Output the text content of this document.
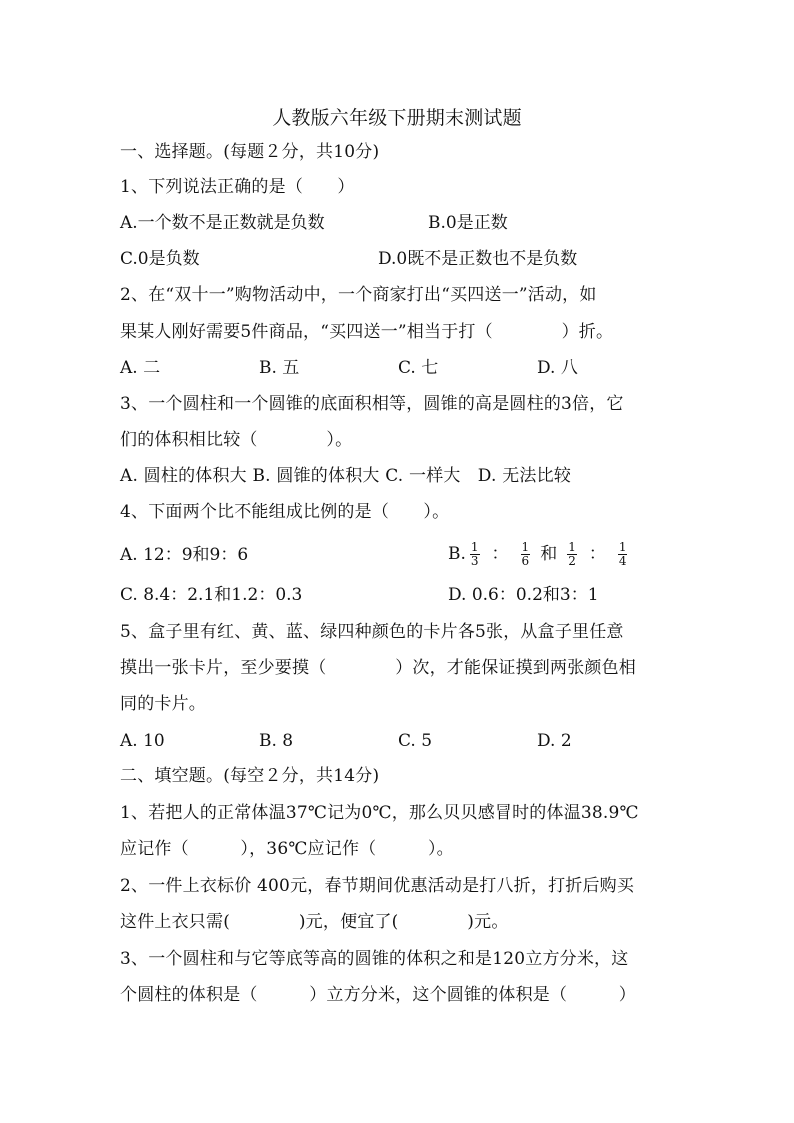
人教版六年级下册期末测试题
一、选择题。(每题２分，共10分)
1、下列说法正确的是（　　）
A.一个数不是正数就是负数	B.0是正数
C.0是负数	D.0既不是正数也不是负数
2、在“双十一”购物活动中，一个商家打出“买四送一”活动，如
果某人刚好需要5件商品，“买四送一”相当于打（　　　　）折。
A. 二	B. 五	C. 七	D. 八
3、一个圆柱和一个圆锥的底面积相等，圆锥的高是圆柱的3倍，它
们的体积相比较（　　　　）。
A. 圆柱的体积大 B. 圆锥的体积大 C. 一样大　D. 无法比较
4、下面两个比不能组成比例的是（　　）。
A. 12：9和9：6	B. $\frac{1}{3}$ ： $\frac{1}{6}$ 和 $\frac{1}{2}$ ： $\frac{1}{4}$
C. 8.4：2.1和1.2：0.3	D. 0.6：0.2和3：1
5、盒子里有红、黄、蓝、绿四种颜色的卡片各5张，从盒子里任意
摸出一张卡片，至少要摸（　　　　）次，才能保证摸到两张颜色相
同的卡片。
A. 10	B. 8	C. 5	D. 2
二、填空题。(每空２分，共14分)
1、若把人的正常体温37℃记为0℃，那么贝贝感冒时的体温38.9℃
应记作（　　　），36℃应记作（　　　）。
2、一件上衣标价 400元，春节期间优惠活动是打八折，打折后购买
这件上衣只需(　　　　)元，便宜了(　　　　)元。
3、一个圆柱和与它等底等高的圆锥的体积之和是120立方分米，这
个圆柱的体积是（　　　）立方分米，这个圆锥的体积是（　　　）
